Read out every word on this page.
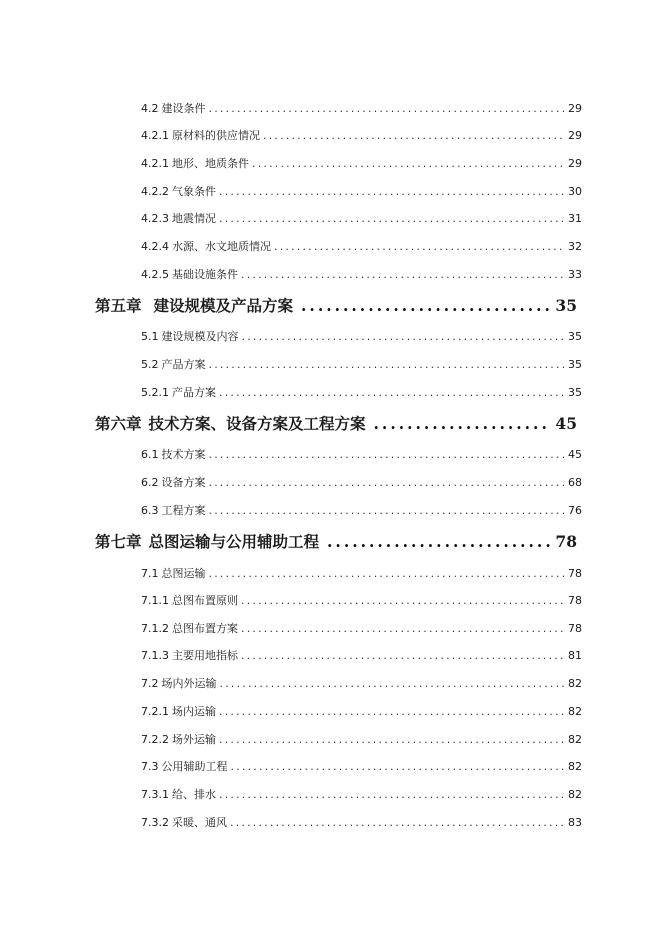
4.2 建设条件 .....	29
4.2.1 原材料的供应情况 .....	29
4.2.1 地形、地质条件 .....	29
4.2.2 气象条件 .....	30
4.2.3 地震情况 .....	31
4.2.4 水源、水文地质情况 .....	32
4.2.5 基础设施条件 .....	33
第五章 建设规模及产品方案 .....	35
5.1 建设规模及内容 .....	35
5.2 产品方案 .....	35
5.2.1 产品方案 .....	35
第六章 技术方案、设备方案及工程方案 .....	45
6.1 技术方案 .....	45
6.2 设备方案 .....	68
6.3 工程方案 .....	76
第七章 总图运输与公用辅助工程 .....	78
7.1 总图运输 .....	78
7.1.1 总图布置原则 .....	78
7.1.2 总图布置方案 .....	78
7.1.3 主要用地指标 .....	81
7.2 场内外运输 .....	82
7.2.1 场内运输 .....	82
7.2.2 场外运输 .....	82
7.3 公用辅助工程 .....	82
7.3.1 给、排水 .....	82
7.3.2 采暖、通风 .....	83
